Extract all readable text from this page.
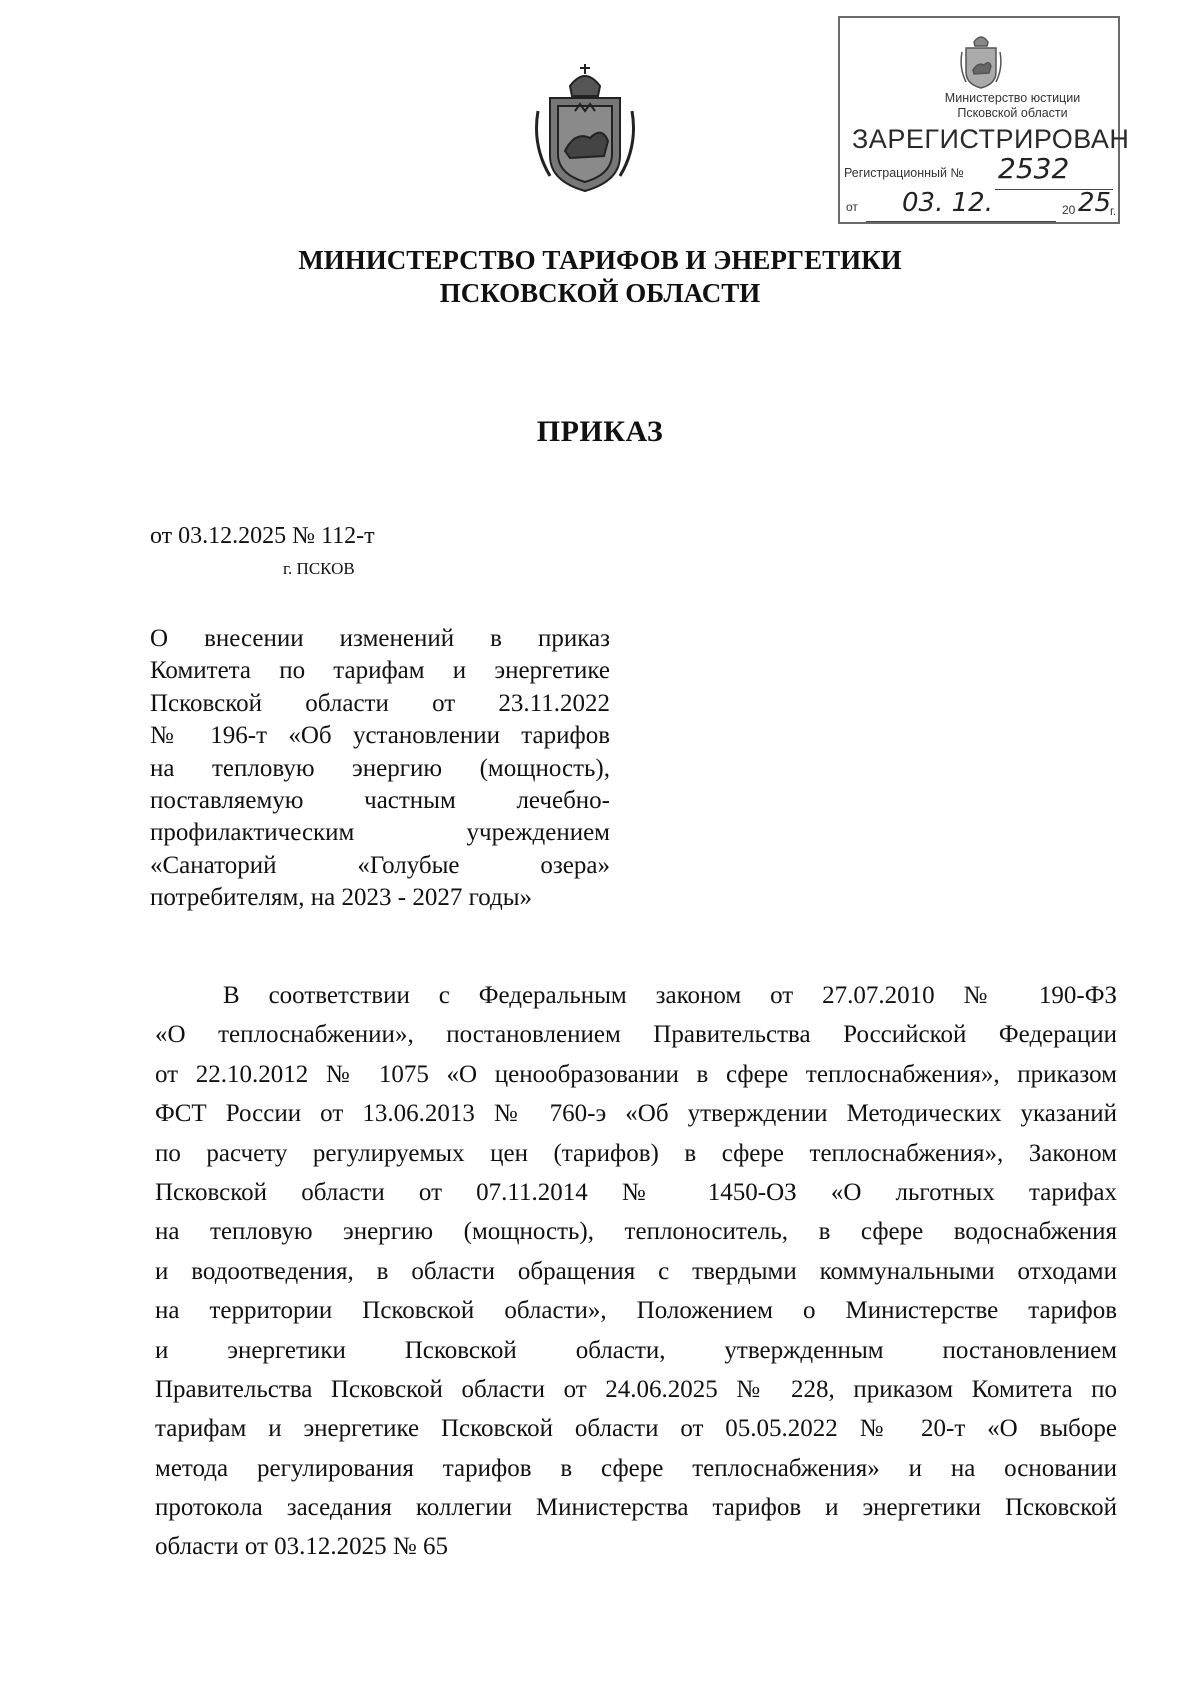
Министерство юстиции
Псковской области
ЗАРЕГИСТРИРОВАН
Регистрационный № 2532
от 03. 12.	20 25
г.
МИНИСТЕРСТВО ТАРИФОВ И ЭНЕРГЕТИКИ
ПСКОВСКОЙ ОБЛАСТИ
ПРИКАЗ
от 03.12.2025 № 112-т
г. ПСКОВ
О внесении изменений в приказ
Комитета по тарифам и энергетике
Псковской области от 23.11.2022
№ 196-т «Об установлении тарифов
на тепловую энергию (мощность),
поставляемую частным лечебно-
профилактическим учреждением
«Санаторий «Голубые озера»
потребителям, на 2023 - 2027 годы»
В соответствии с Федеральным законом от 27.07.2010 № 190-ФЗ
«О теплоснабжении», постановлением Правительства Российской Федерации
от 22.10.2012 № 1075 «О ценообразовании в сфере теплоснабжения», приказом
ФСТ России от 13.06.2013 № 760-э «Об утверждении Методических указаний
по расчету регулируемых цен (тарифов) в сфере теплоснабжения», Законом
Псковской области от 07.11.2014 № 1450-ОЗ «О льготных тарифах
на тепловую энергию (мощность), теплоноситель, в сфере водоснабжения
и водоотведения, в области обращения с твердыми коммунальными отходами
на территории Псковской области», Положением о Министерстве тарифов
и энергетики Псковской области, утвержденным постановлением
Правительства Псковской области от 24.06.2025 № 228, приказом Комитета по
тарифам и энергетике Псковской области от 05.05.2022 № 20-т «О выборе
метода регулирования тарифов в сфере теплоснабжения» и на основании
протокола заседания коллегии Министерства тарифов и энергетики Псковской
области от 03.12.2025 № 65
